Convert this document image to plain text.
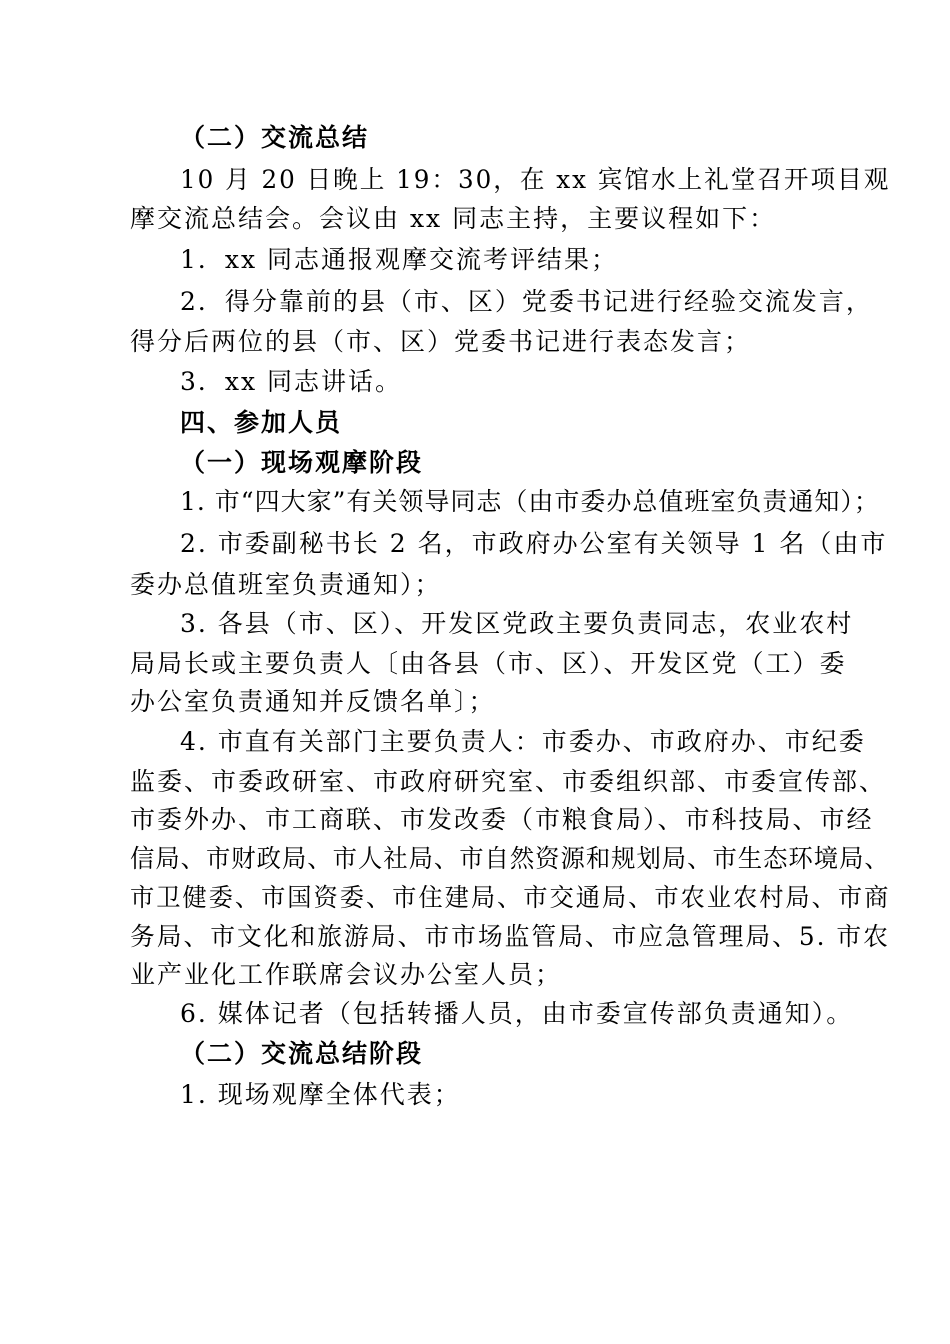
（二）交流总结
10 月 20 日晚上 19：30，在 xx 宾馆水上礼堂召开项目观
摩交流总结会。会议由 xx 同志主持，主要议程如下：
1．xx 同志通报观摩交流考评结果；
2．得分靠前的县（市、区）党委书记进行经验交流发言，
得分后两位的县（市、区）党委书记进行表态发言；
3．xx 同志讲话。
四、参加人员
（一）现场观摩阶段
1. 市“四大家”有关领导同志（由市委办总值班室负责通知）；
2. 市委副秘书长 2 名，市政府办公室有关领导 1 名（由市
委办总值班室负责通知）；
3. 各县（市、区）、开发区党政主要负责同志，农业农村
局局长或主要负责人〔由各县（市、区）、开发区党（工）委
办公室负责通知并反馈名单〕；
4. 市直有关部门主要负责人：市委办、市政府办、市纪委
监委、市委政研室、市政府研究室、市委组织部、市委宣传部、
市委外办、市工商联、市发改委（市粮食局）、市科技局、市经
信局、市财政局、市人社局、市自然资源和规划局、市生态环境局、
市卫健委、市国资委、市住建局、市交通局、市农业农村局、市商
务局、市文化和旅游局、市市场监管局、市应急管理局、5. 市农
业产业化工作联席会议办公室人员；
6. 媒体记者（包括转播人员，由市委宣传部负责通知）。
（二）交流总结阶段
1. 现场观摩全体代表；
